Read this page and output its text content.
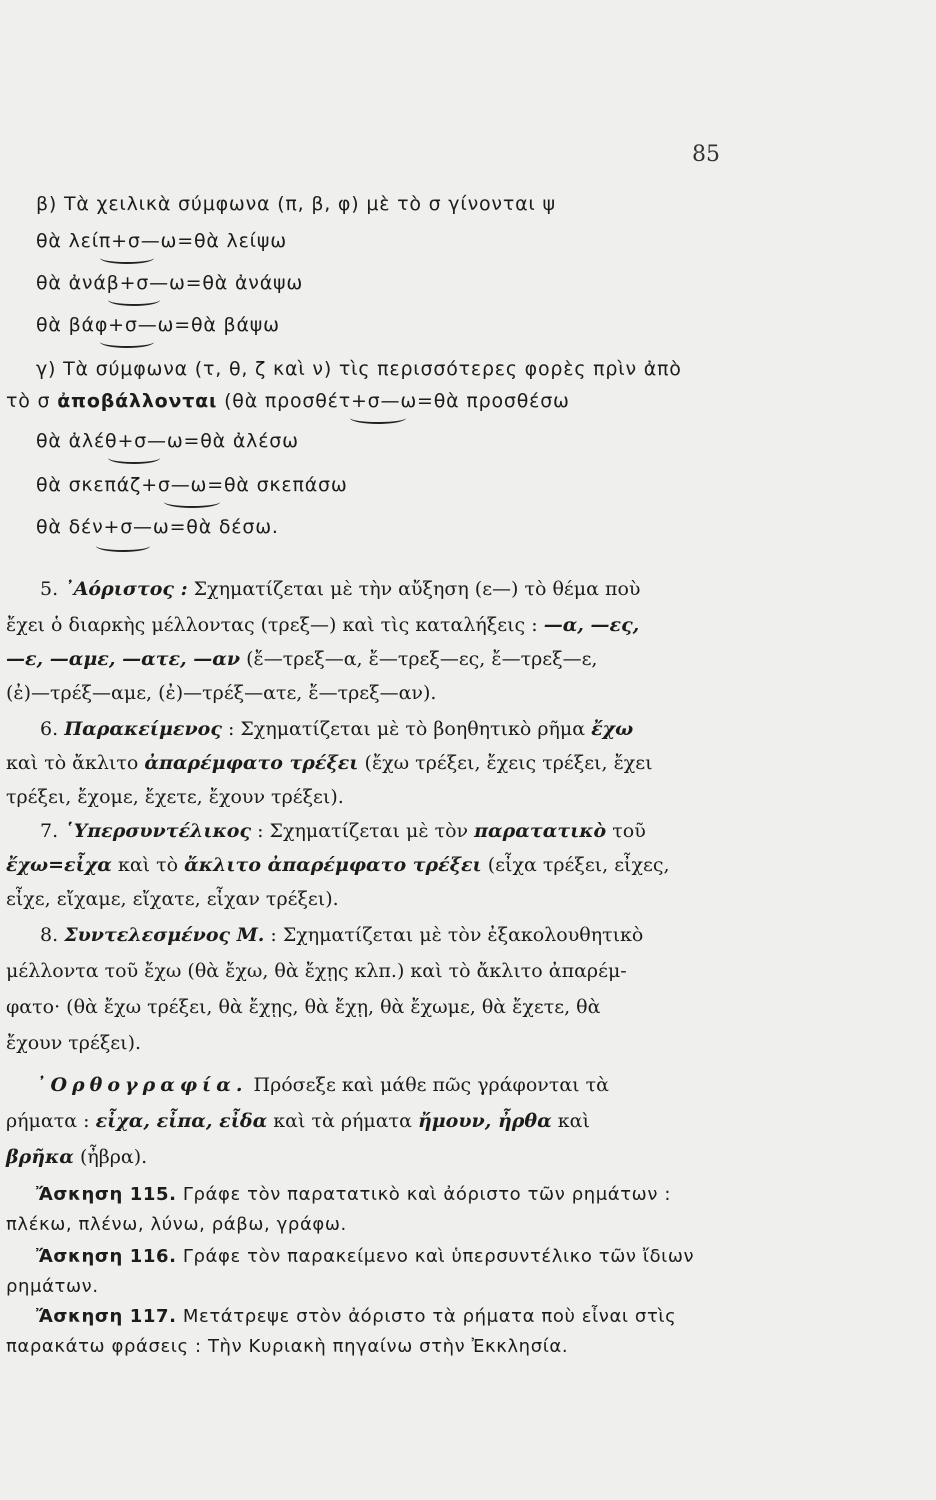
85
β) Τὰ χειλικὰ σύμφωνα (π, β, φ) μὲ τὸ σ γίνονται ψ
θὰ λείπ+σ—ω=θὰ λείψω
θὰ ἀνάβ+σ—ω=θὰ ἀνάψω
θὰ βάφ+σ—ω=θὰ βάψω
γ) Τὰ σύμφωνα (τ, θ, ζ καὶ ν) τὶς περισσότερες φορὲς πρὶν ἀπὸ
τὸ σ ἀποβάλλονται (θὰ προσθέτ+σ—ω=θὰ προσθέσω
θὰ ἀλέθ+σ—ω=θὰ ἀλέσω
θὰ σκεπάζ+σ—ω=θὰ σκεπάσω
θὰ δέν+σ—ω=θὰ δέσω.
5. ᾿Αόριστος : Σχηματίζεται μὲ τὴν αὔξηση (ε—) τὸ θέμα ποὺ
ἔχει ὁ διαρκὴς μέλλοντας (τρεξ—) καὶ τὶς καταλήξεις : —α, —ες,
—ε, —αμε, —ατε, —αν (ἔ—τρεξ—α, ἔ—τρεξ—ες, ἔ—τρεξ—ε,
(ἐ)—τρέξ—αμε, (ἐ)—τρέξ—ατε, ἔ—τρεξ—αν).
6. Παρακείμενος : Σχηματίζεται μὲ τὸ βοηθητικὸ ρῆμα ἔχω
καὶ τὸ ἄκλιτο ἀπαρέμφατο τρέξει (ἔχω τρέξει, ἔχεις τρέξει, ἔχει
τρέξει, ἔχομε, ἔχετε, ἔχουν τρέξει).
7. ῾Υπερσυντέλικος : Σχηματίζεται μὲ τὸν παρατατικὸ τοῦ
ἔχω=εἶχα καὶ τὸ ἄκλιτο ἀπαρέμφατο τρέξει (εἶχα τρέξει, εἶχες,
εἶχε, εἴχαμε, εἴχατε, εἶχαν τρέξει).
8. Συντελεσμένος Μ. : Σχηματίζεται μὲ τὸν ἐξακολουθητικὸ
μέλλοντα τοῦ ἔχω (θὰ ἔχω, θὰ ἔχῃς κλπ.) καὶ τὸ ἄκλιτο ἀπαρέμ-
φατο· (θὰ ἔχω τρέξει, θὰ ἔχῃς, θὰ ἔχῃ, θὰ ἔχωμε, θὰ ἔχετε, θὰ
ἔχουν τρέξει).
᾿Ορθογραφία. Πρόσεξε καὶ μάθε πῶς γράφονται τὰ
ρήματα : εἶχα, εἶπα, εἶδα καὶ τὰ ρήματα ἤμουν, ἦρθα καὶ
βρῆκα (ἦβρα).
Ἄσκηση 115. Γράφε τὸν παρατατικὸ καὶ ἀόριστο τῶν ρημάτων :
πλέκω, πλένω, λύνω, ράβω, γράφω.
Ἄσκηση 116. Γράφε τὸν παρακείμενο καὶ ὑπερσυντέλικο τῶν ἴδιων
ρημάτων.
Ἄσκηση 117. Μετάτρεψε στὸν ἀόριστο τὰ ρήματα ποὺ εἶναι στὶς
παρακάτω φράσεις : Τὴν Κυριακὴ πηγαίνω στὴν Ἐκκλησία.
